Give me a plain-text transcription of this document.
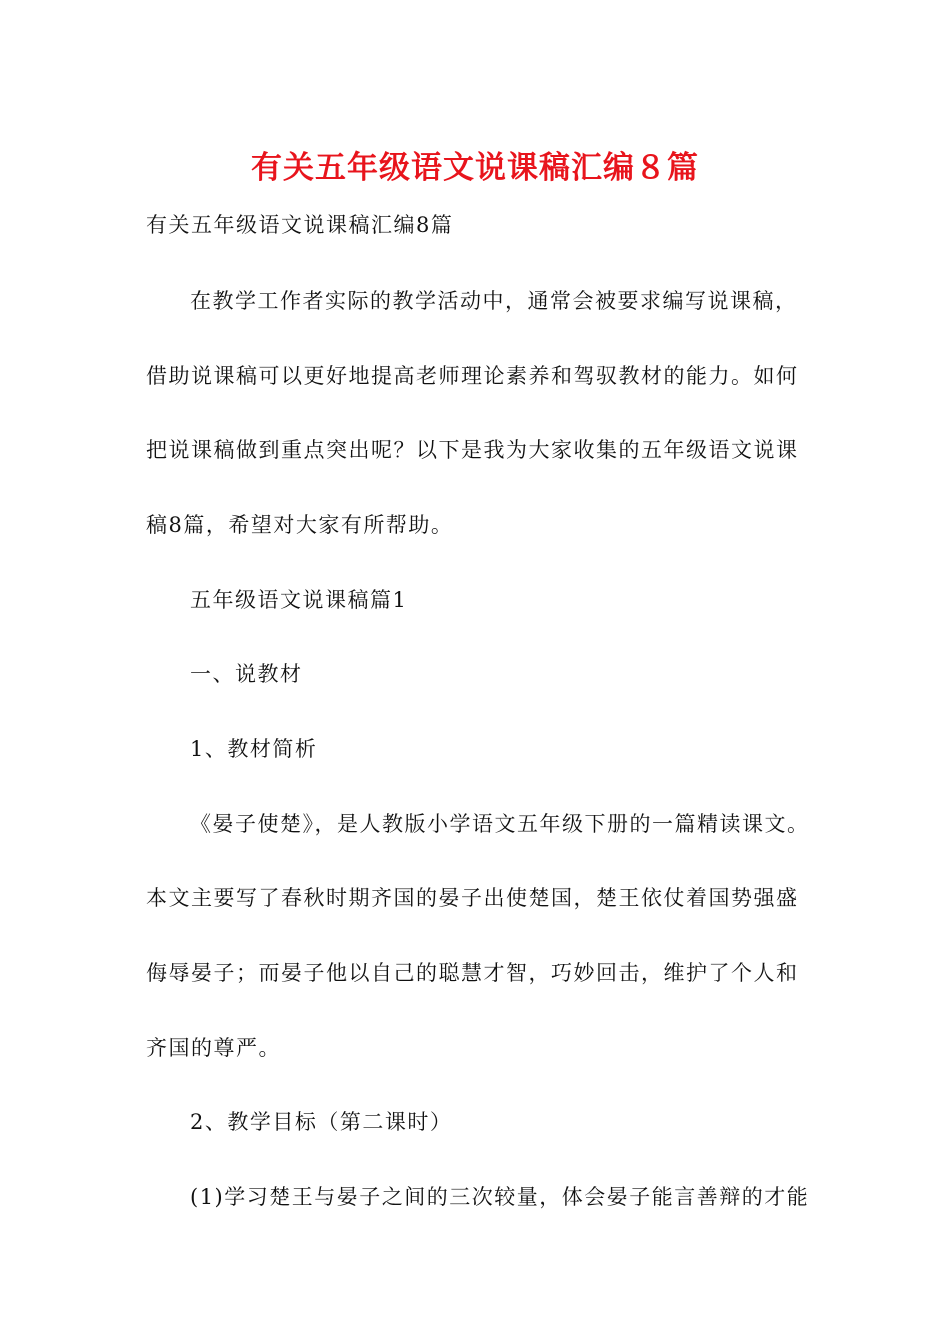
有关五年级语文说课稿汇编８篇
有关五年级语文说课稿汇编8篇
在教学工作者实际的教学活动中，通常会被要求编写说课稿，
借助说课稿可以更好地提高老师理论素养和驾驭教材的能力。如何
把说课稿做到重点突出呢？以下是我为大家收集的五年级语文说课
稿8篇，希望对大家有所帮助。
五年级语文说课稿篇1
一、说教材
1、教材简析
《晏子使楚》，是人教版小学语文五年级下册的一篇精读课文。
本文主要写了春秋时期齐国的晏子出使楚国，楚王依仗着国势强盛
侮辱晏子；而晏子他以自己的聪慧才智，巧妙回击，维护了个人和
齐国的尊严。
2、教学目标（第二课时）
(1)学习楚王与晏子之间的三次较量，体会晏子能言善辩的才能
